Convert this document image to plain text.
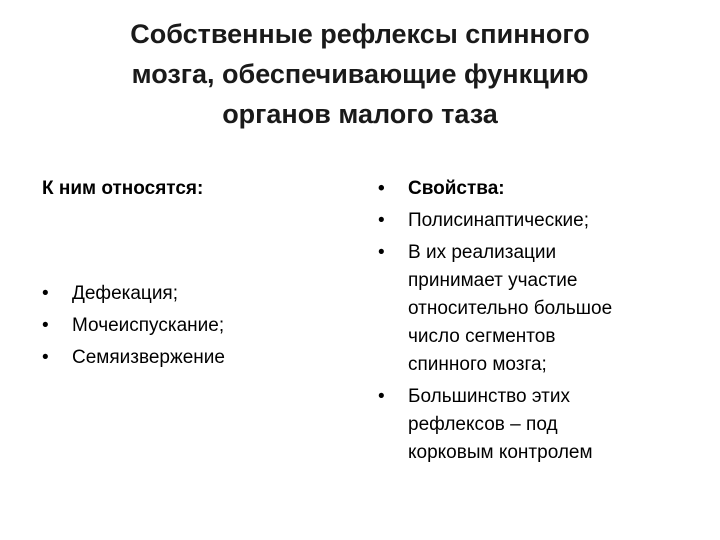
Собственные рефлексы спинного
мозга, обеспечивающие функцию
органов малого таза

К ним относятся:

•	Дефекация;
•	Мочеиспускание;
•	Семяизвержение
•	Свойства:
•	Полисинаптические;
•	В их реализации
принимает участие
относительно большое
число сегментов
спинного мозга;
•	Большинство этих
рефлексов – под
корковым контролем
